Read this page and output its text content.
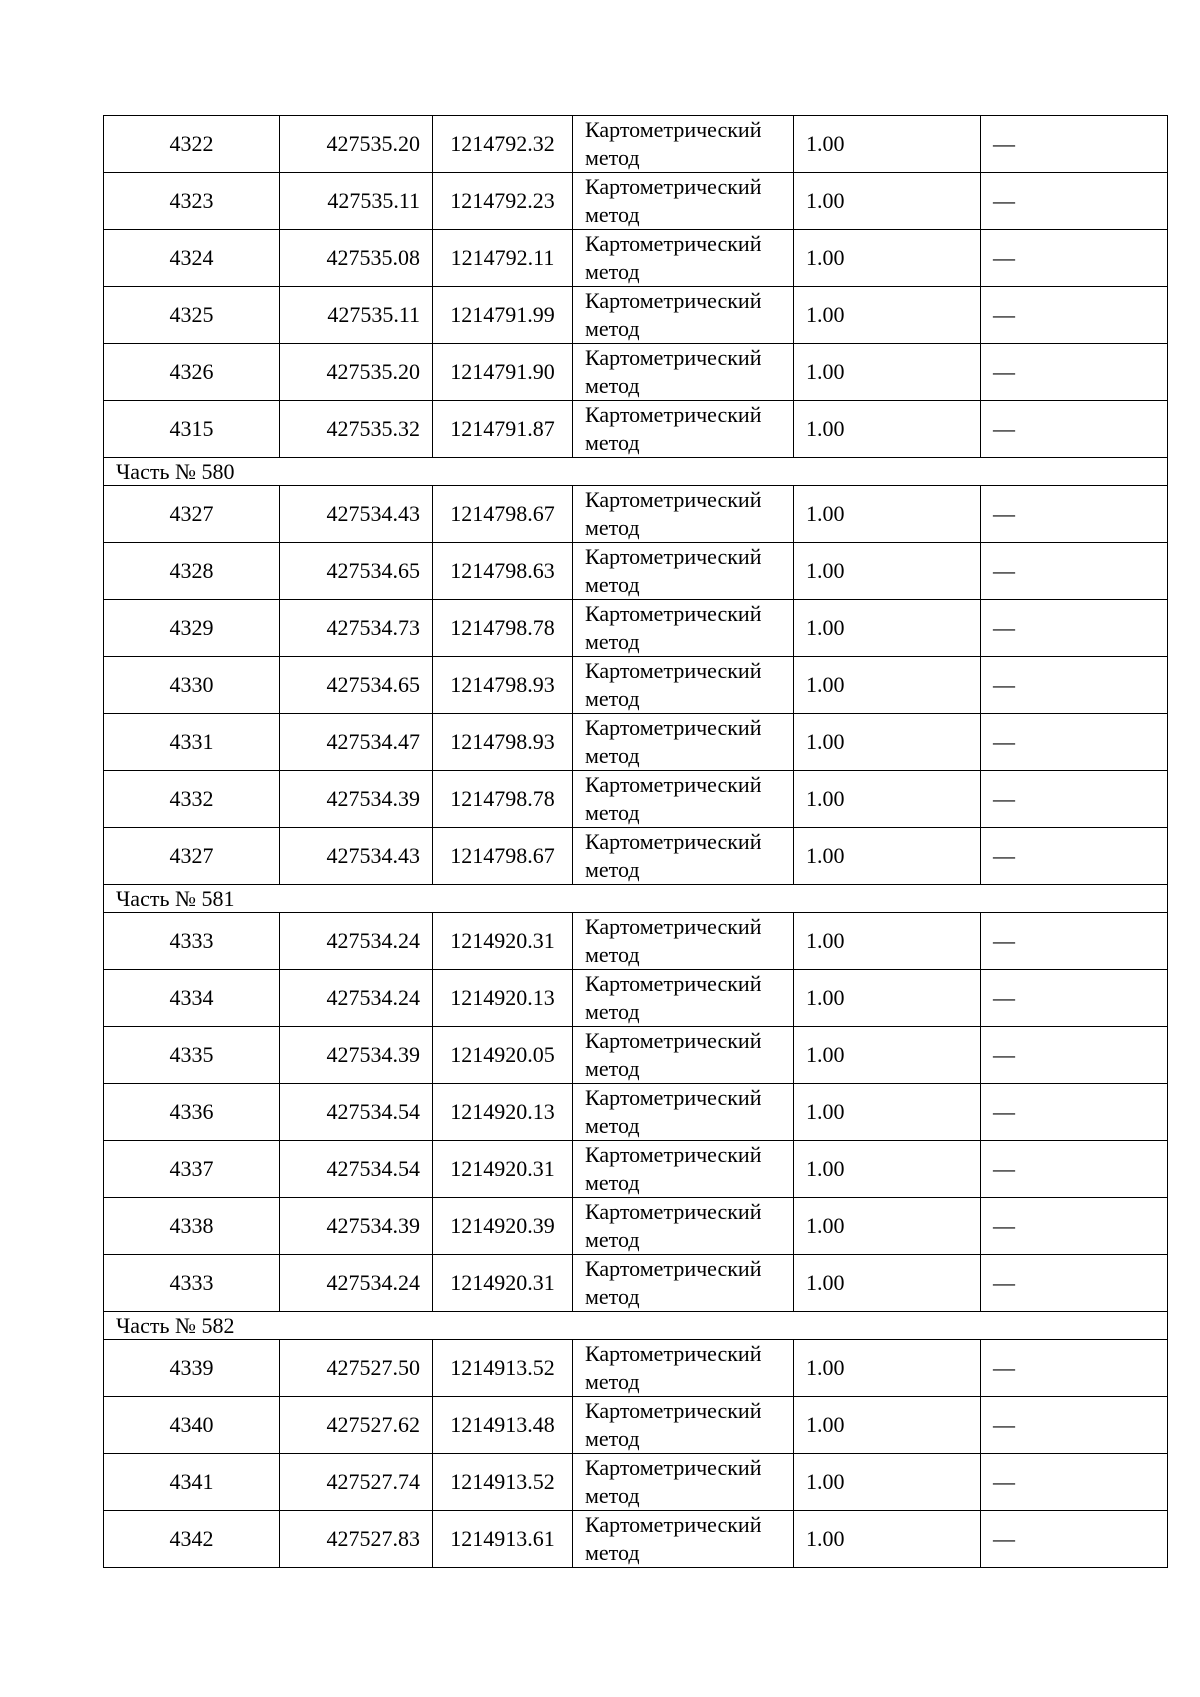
4322	427535.20	1214792.32	Картометрический
метод	1.00	—
4323	427535.11	1214792.23	Картометрический
метод	1.00	—
4324	427535.08	1214792.11	Картометрический
метод	1.00	—
4325	427535.11	1214791.99	Картометрический
метод	1.00	—
4326	427535.20	1214791.90	Картометрический
метод	1.00	—
4315	427535.32	1214791.87	Картометрический
метод	1.00	—
Часть № 580					
4327	427534.43	1214798.67	Картометрический
метод	1.00	—
4328	427534.65	1214798.63	Картометрический
метод	1.00	—
4329	427534.73	1214798.78	Картометрический
метод	1.00	—
4330	427534.65	1214798.93	Картометрический
метод	1.00	—
4331	427534.47	1214798.93	Картометрический
метод	1.00	—
4332	427534.39	1214798.78	Картометрический
метод	1.00	—
4327	427534.43	1214798.67	Картометрический
метод	1.00	—
Часть № 581					
4333	427534.24	1214920.31	Картометрический
метод	1.00	—
4334	427534.24	1214920.13	Картометрический
метод	1.00	—
4335	427534.39	1214920.05	Картометрический
метод	1.00	—
4336	427534.54	1214920.13	Картометрический
метод	1.00	—
4337	427534.54	1214920.31	Картометрический
метод	1.00	—
4338	427534.39	1214920.39	Картометрический
метод	1.00	—
4333	427534.24	1214920.31	Картометрический
метод	1.00	—
Часть № 582					
4339	427527.50	1214913.52	Картометрический
метод	1.00	—
4340	427527.62	1214913.48	Картометрический
метод	1.00	—
4341	427527.74	1214913.52	Картометрический
метод	1.00	—
4342	427527.83	1214913.61	Картометрический
метод	1.00	—
